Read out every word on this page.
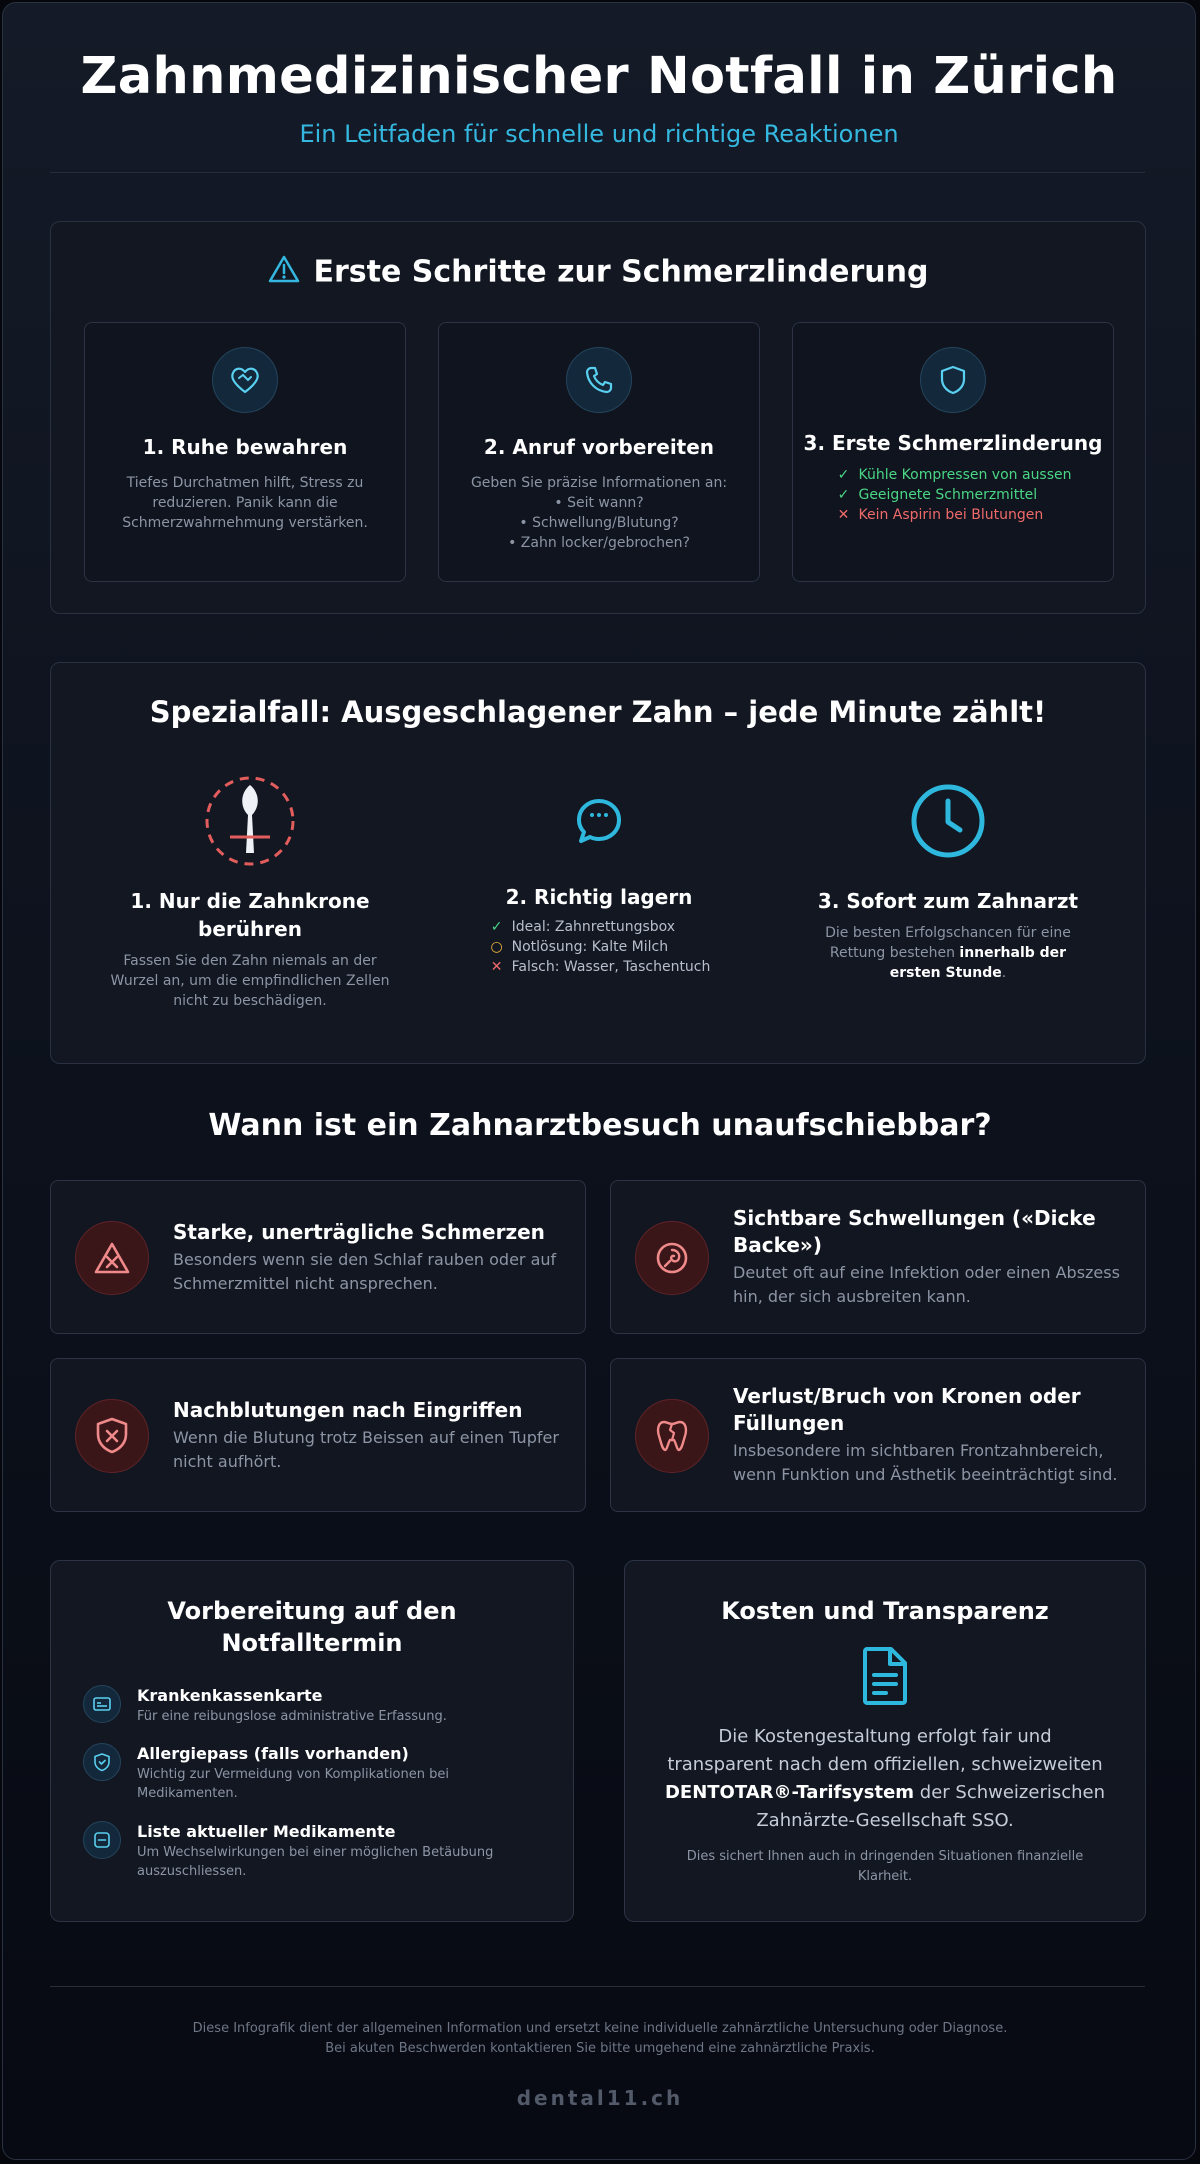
Zahnmedizinischer Notfall in Zürich
Ein Leitfaden für schnelle und richtige Reaktionen
Erste Schritte zur Schmerzlinderung
1. Ruhe bewahren
Tiefes Durchatmen hilft, Stress zu reduzieren. Panik kann die Schmerzwahrnehmung verstärken.
2. Anruf vorbereiten
Geben Sie präzise Informationen an:
• Seit wann?
• Schwellung/Blutung?
• Zahn locker/gebrochen?
3. Erste Schmerzlinderung
✓ Kühle Kompressen von aussen
✓ Geeignete Schmerzmittel
✕ Kein Aspirin bei Blutungen
Spezialfall: Ausgeschlagener Zahn – jede Minute zählt!
1. Nur die Zahnkrone berühren
Fassen Sie den Zahn niemals an der Wurzel an, um die empfindlichen Zellen nicht zu beschädigen.
2. Richtig lagern
✓ Ideal: Zahnrettungsbox
○ Notlösung: Kalte Milch
✕ Falsch: Wasser, Taschentuch
3. Sofort zum Zahnarzt
Die besten Erfolgschancen für eine Rettung bestehen innerhalb der ersten Stunde.
Wann ist ein Zahnarztbesuch unaufschiebbar?
Starke, unerträgliche Schmerzen
Besonders wenn sie den Schlaf rauben oder auf Schmerzmittel nicht ansprechen.
Sichtbare Schwellungen («Dicke Backe»)
Deutet oft auf eine Infektion oder einen Abszess hin, der sich ausbreiten kann.
Nachblutungen nach Eingriffen
Wenn die Blutung trotz Beissen auf einen Tupfer nicht aufhört.
Verlust/Bruch von Kronen oder Füllungen
Insbesondere im sichtbaren Frontzahnbereich, wenn Funktion und Ästhetik beeinträchtigt sind.
Vorbereitung auf den Notfalltermin
Krankenkassenkarte
Für eine reibungslose administrative Erfassung.
Allergiepass (falls vorhanden)
Wichtig zur Vermeidung von Komplikationen bei Medikamenten.
Liste aktueller Medikamente
Um Wechselwirkungen bei einer möglichen Betäubung auszuschliessen.
Kosten und Transparenz
Die Kostengestaltung erfolgt fair und transparent nach dem offiziellen, schweizweiten DENTOTAR®-Tarifsystem der Schweizerischen Zahnärzte-Gesellschaft SSO.
Dies sichert Ihnen auch in dringenden Situationen finanzielle Klarheit.
Diese Infografik dient der allgemeinen Information und ersetzt keine individuelle zahnärztliche Untersuchung oder Diagnose.
Bei akuten Beschwerden kontaktieren Sie bitte umgehend eine zahnärztliche Praxis.
dental11.ch
